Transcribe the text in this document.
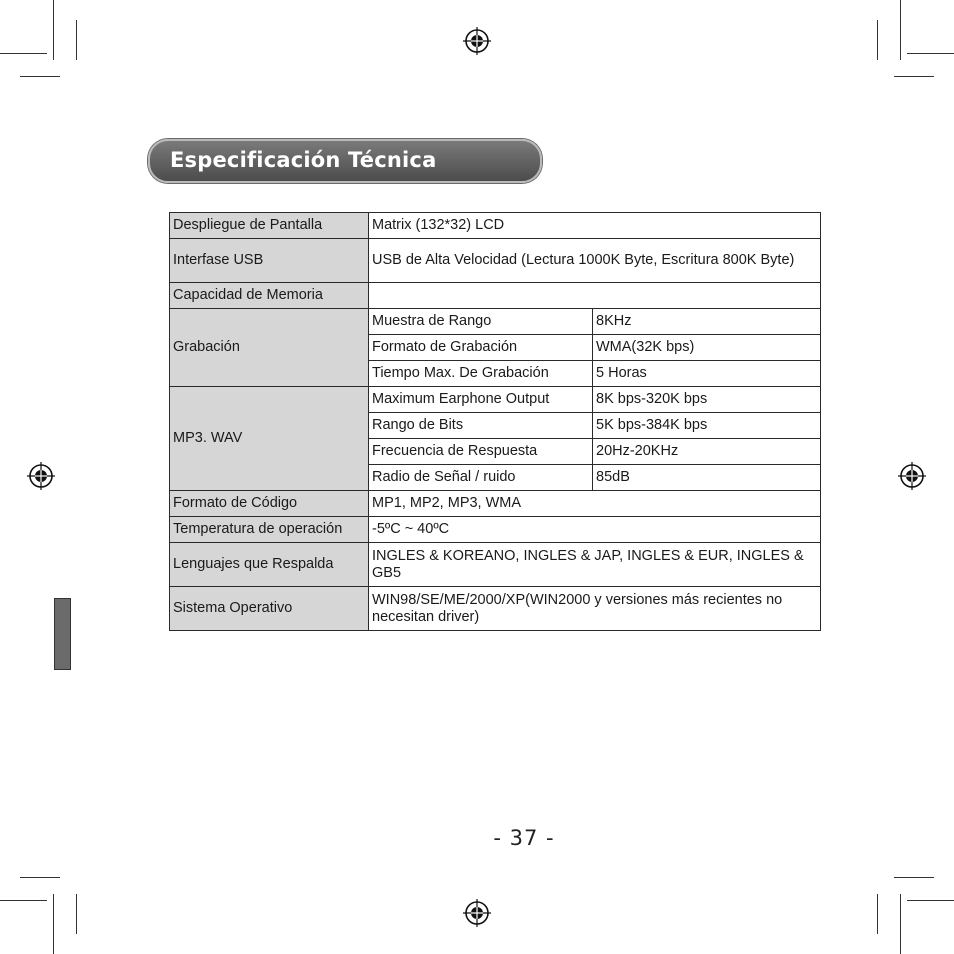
Especificación Técnica
Despliegue de Pantalla	Matrix (132*32) LCD	
Interfase USB	USB de Alta Velocidad (Lectura 1000K Byte, Escritura 800K Byte)	
Capacidad de Memoria		
Grabación	Muestra de Rango	8KHz
	Formato de Grabación	WMA(32K bps)
	Tiempo Max. De Grabación	5 Horas
MP3. WAV	Maximum Earphone Output	8K bps-320K bps
	Rango de Bits	5K bps-384K bps
	Frecuencia de Respuesta	20Hz-20KHz
	Radio de Señal / ruido	85dB
Formato de Código	MP1, MP2, MP3, WMA	
Temperatura de operación	-5ºC ~ 40ºC	
Lenguajes que Respalda	INGLES & KOREANO, INGLES & JAP, INGLES & EUR, INGLES & GB5	
Sistema Operativo	WIN98/SE/ME/2000/XP(WIN2000 y versiones más recientes no necesitan driver)	
- 37 -
